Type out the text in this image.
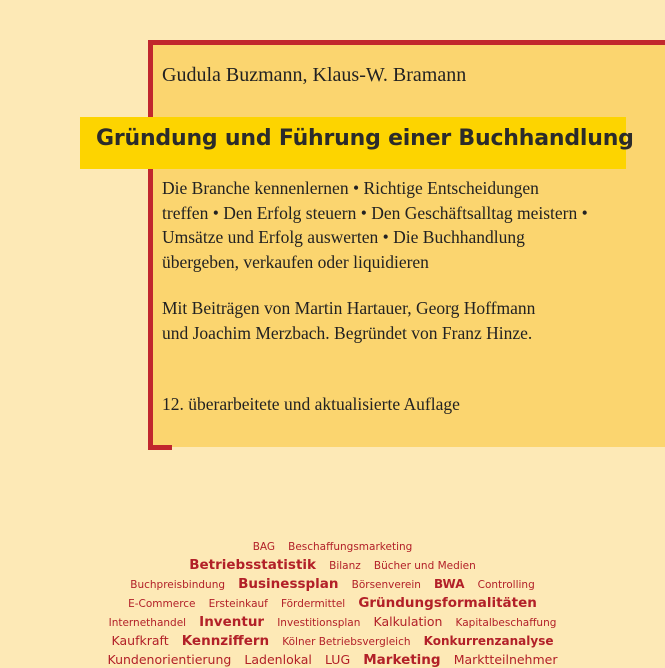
Gudula Buzmann, Klaus-W. Bramann
Gründung und Führung einer Buchhandlung
Die Branche kennenlernen • Richtige Entscheidungen
treffen • Den Erfolg steuern • Den Geschäftsalltag meistern •
Umsätze und Erfolg auswerten • Die Buchhandlung
übergeben, verkaufen oder liquidieren
Mit Beiträgen von Martin Hartauer, Georg Hoffmann
und Joachim Merzbach. Begründet von Franz Hinze.
12. überarbeitete und aktualisierte Auflage
BAG Beschaffungsmarketing
Betriebsstatistik Bilanz Bücher und Medien
Buchpreisbindung Businessplan Börsenverein BWA Controlling
E-Commerce Ersteinkauf Fördermittel Gründungsformalitäten
Internethandel Inventur Investitionsplan Kalkulation Kapitalbeschaffung
Kaufkraft Kennziffern Kölner Betriebsvergleich Konkurrenzanalyse
Kundenorientierung Ladenlokal LUG Marketing Marktteilnehmer
